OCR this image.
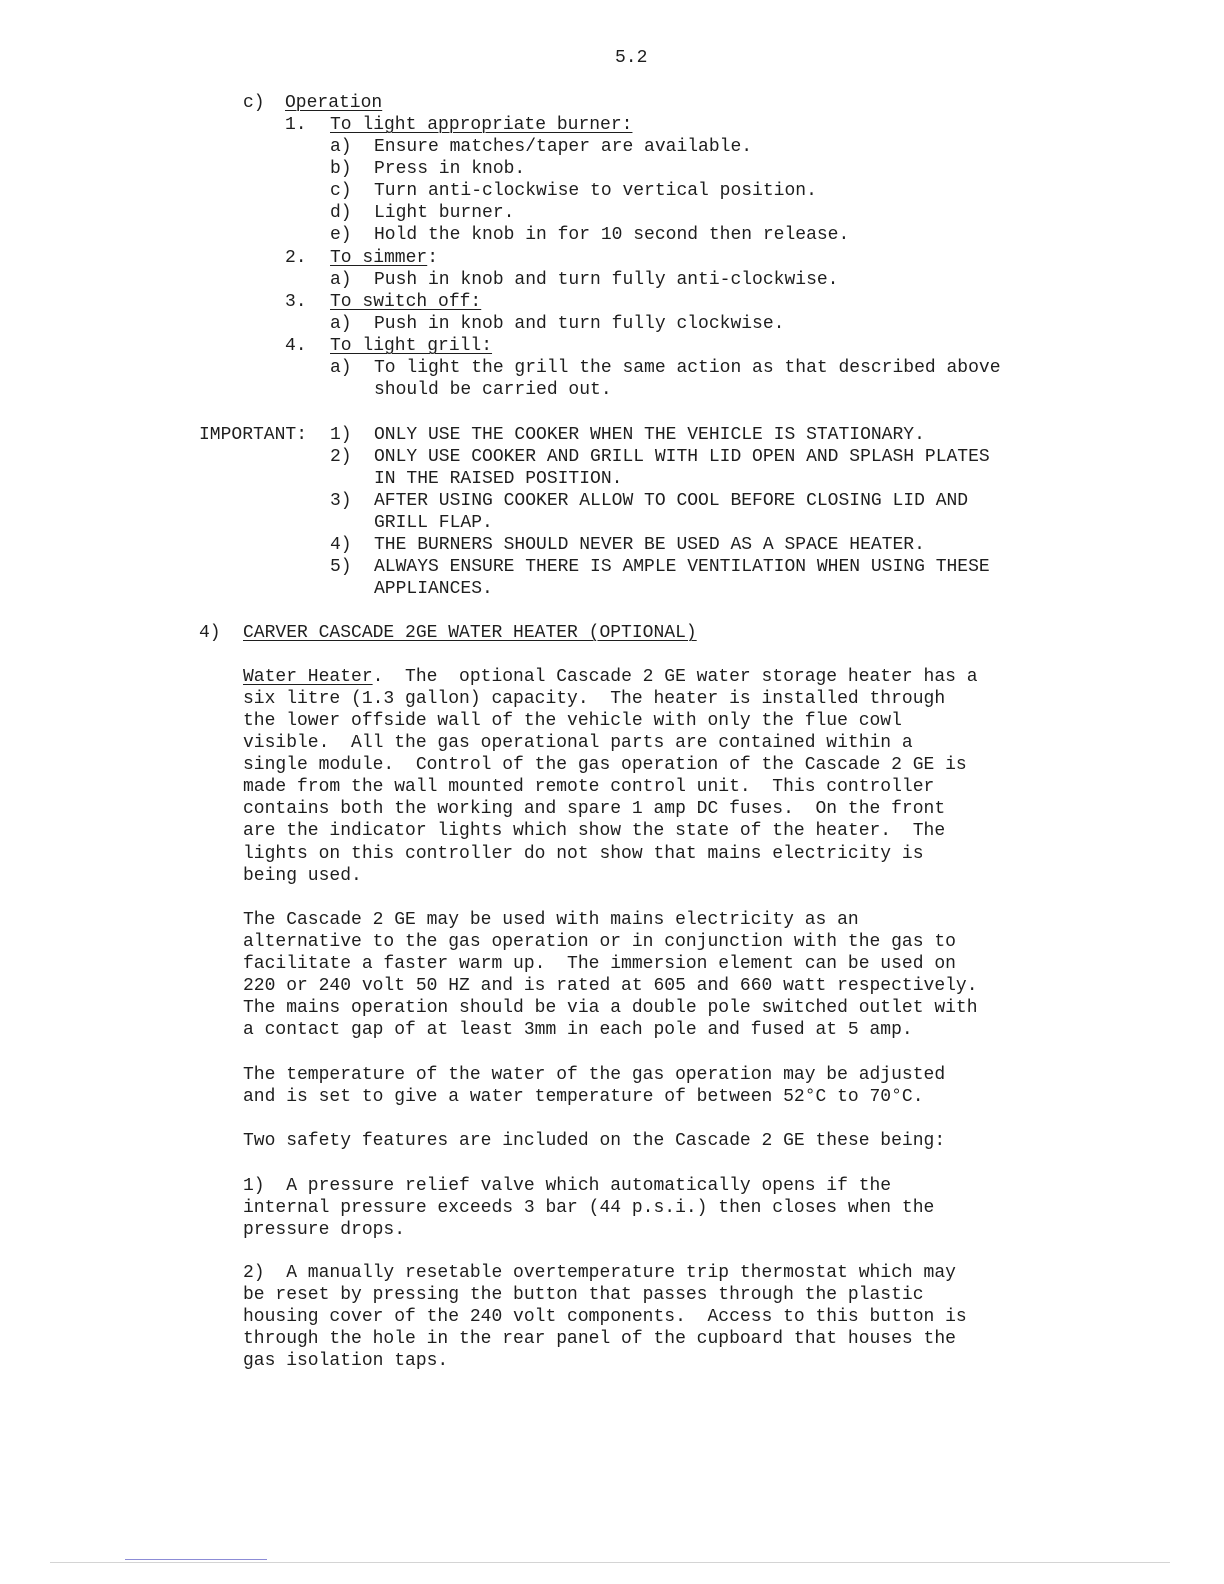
5.2
c) Operation
1. To light appropriate burner:
a) Ensure matches/taper are available.
b) Press in knob.
c) Turn anti-clockwise to vertical position.
d) Light burner.
e) Hold the knob in for 10 second then release.
2. To simmer:
a) Push in knob and turn fully anti-clockwise.
3. To switch off:
a) Push in knob and turn fully clockwise.
4. To light grill:
a) To light the grill the same action as that described above
should be carried out.
IMPORTANT: 1) ONLY USE THE COOKER WHEN THE VEHICLE IS STATIONARY.
2) ONLY USE COOKER AND GRILL WITH LID OPEN AND SPLASH PLATES
IN THE RAISED POSITION.
3) AFTER USING COOKER ALLOW TO COOL BEFORE CLOSING LID AND
GRILL FLAP.
4) THE BURNERS SHOULD NEVER BE USED AS A SPACE HEATER.
5) ALWAYS ENSURE THERE IS AMPLE VENTILATION WHEN USING THESE
APPLIANCES.
4) CARVER CASCADE 2GE WATER HEATER (OPTIONAL)
Water Heater.  The  optional Cascade 2 GE water storage heater has a
six litre (1.3 gallon) capacity.  The heater is installed through
the lower offside wall of the vehicle with only the flue cowl
visible.  All the gas operational parts are contained within a
single module.  Control of the gas operation of the Cascade 2 GE is
made from the wall mounted remote control unit.  This controller
contains both the working and spare 1 amp DC fuses.  On the front
are the indicator lights which show the state of the heater.  The
lights on this controller do not show that mains electricity is
being used.
The Cascade 2 GE may be used with mains electricity as an
alternative to the gas operation or in conjunction with the gas to
facilitate a faster warm up.  The immersion element can be used on
220 or 240 volt 50 HZ and is rated at 605 and 660 watt respectively.
The mains operation should be via a double pole switched outlet with
a contact gap of at least 3mm in each pole and fused at 5 amp.
The temperature of the water of the gas operation may be adjusted
and is set to give a water temperature of between 52°C to 70°C.
Two safety features are included on the Cascade 2 GE these being:
1)  A pressure relief valve which automatically opens if the
internal pressure exceeds 3 bar (44 p.s.i.) then closes when the
pressure drops.
2)  A manually resetable overtemperature trip thermostat which may
be reset by pressing the button that passes through the plastic
housing cover of the 240 volt components.  Access to this button is
through the hole in the rear panel of the cupboard that houses the
gas isolation taps.
